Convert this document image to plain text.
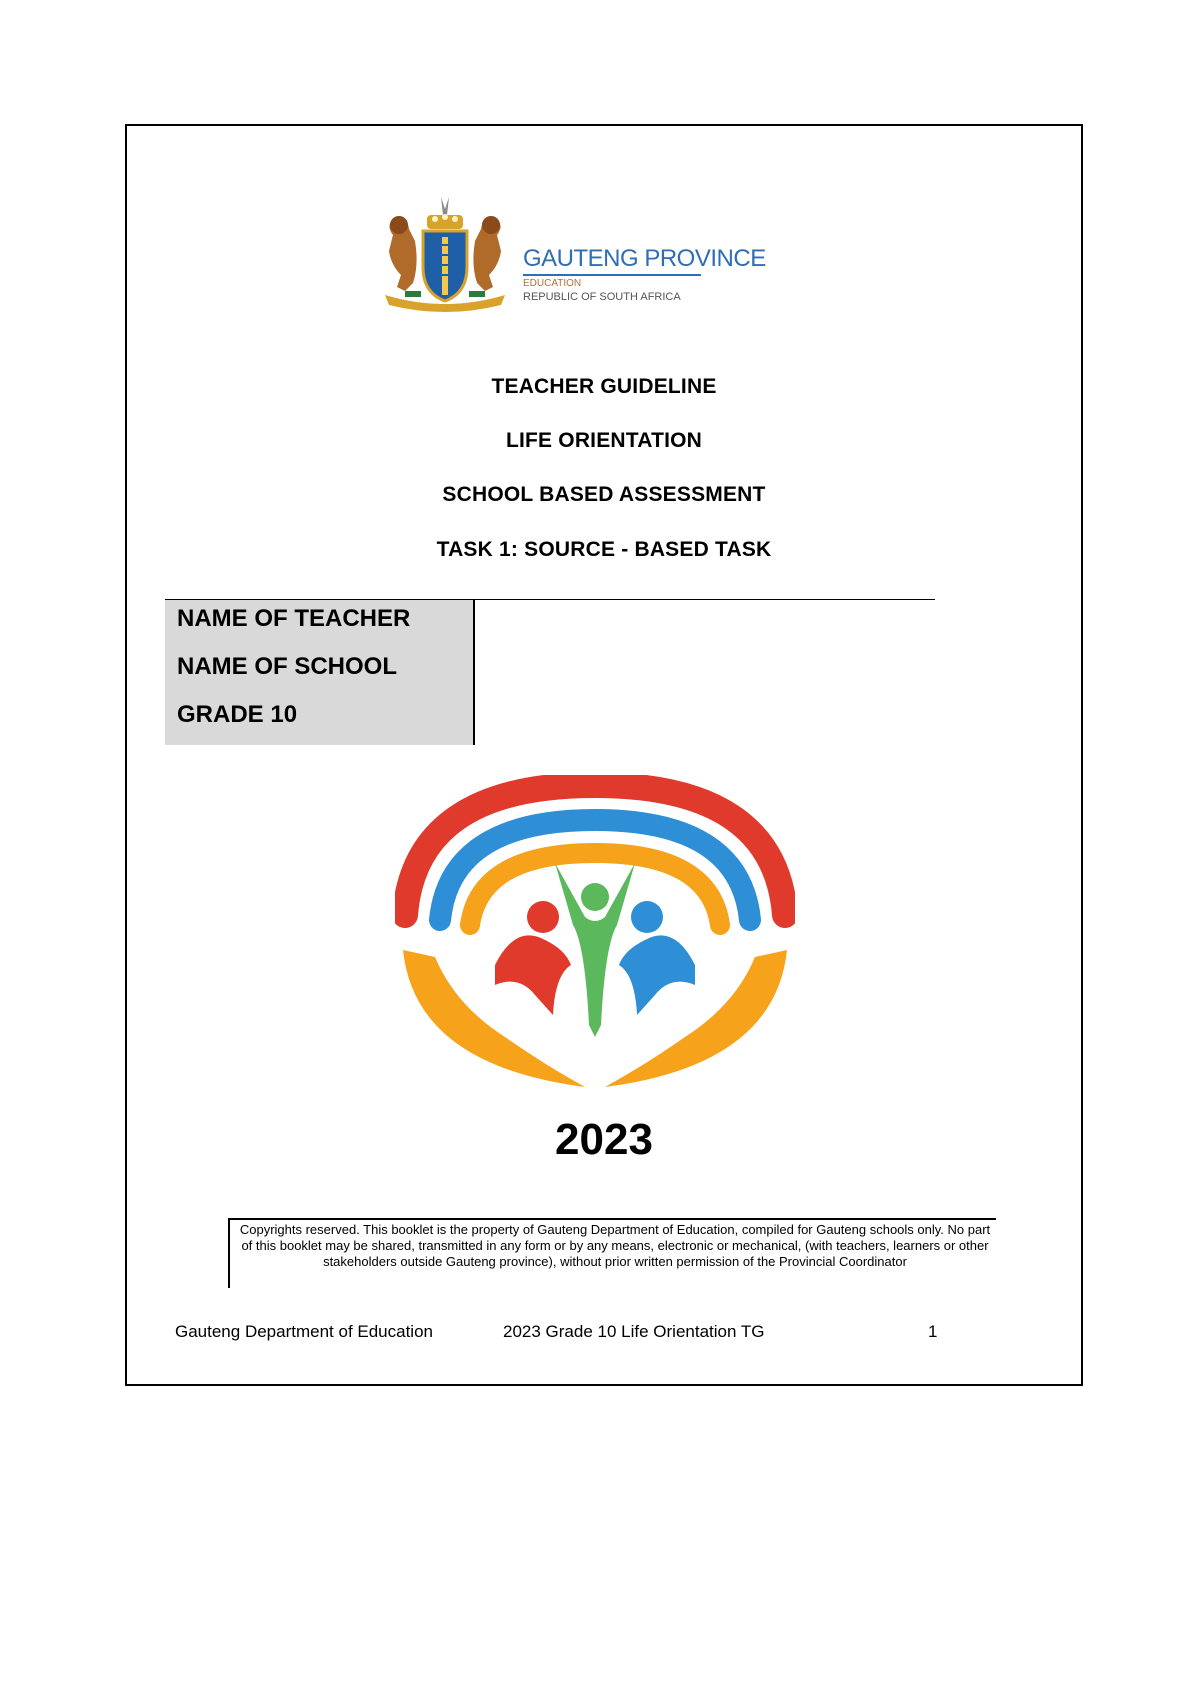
GAUTENG PROVINCE
EDUCATION
REPUBLIC OF SOUTH AFRICA
TEACHER GUIDELINE
LIFE ORIENTATION
SCHOOL BASED ASSESSMENT
TASK 1: SOURCE - BASED TASK
NAME OF TEACHER
NAME OF SCHOOL
GRADE 10
2023
Copyrights reserved. This booklet is the property of Gauteng Department of Education, compiled for Gauteng schools only. No part of this booklet may be shared, transmitted in any form or by any means, electronic or mechanical, (with teachers, learners or other stakeholders outside Gauteng province), without prior written permission of the Provincial Coordinator
Gauteng Department of Education	2023 Grade 10 Life Orientation TG	1
